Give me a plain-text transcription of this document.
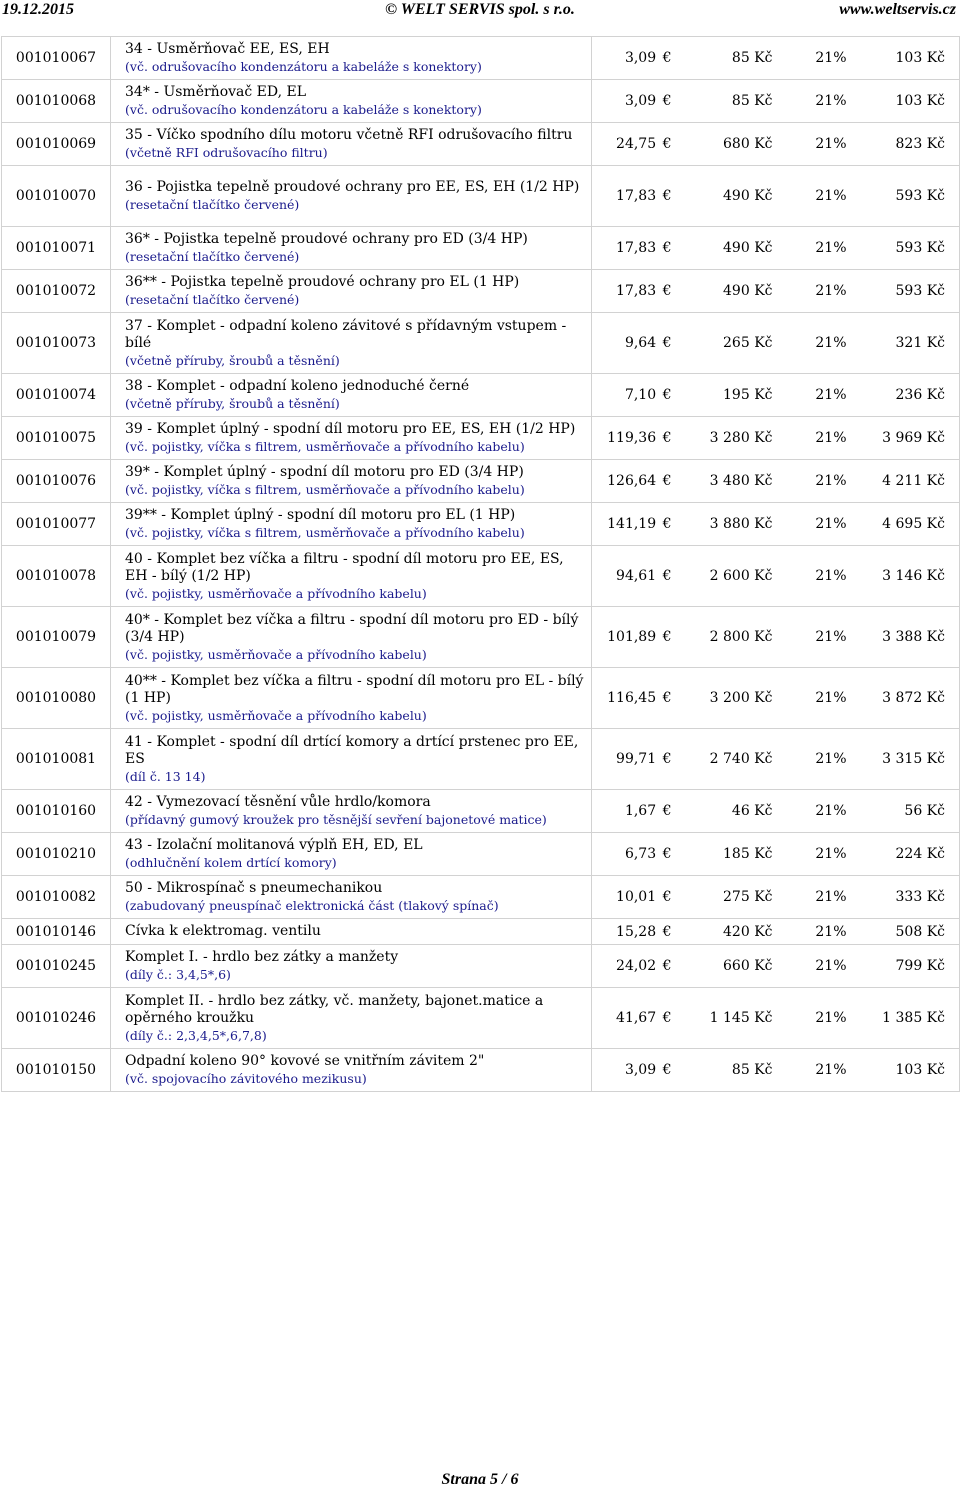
© WELT SERVIS spol. s r.o.
19.12.2015	www.weltservis.cz
001010067	34 - Usměrňovač EE, ES, EH
(vč. odrušovacího kondenzátoru a kabeláže s konektory)	3,09 €	85 Kč	21%	103 Kč
001010068	34* - Usměrňovač ED, EL
(vč. odrušovacího kondenzátoru a kabeláže s konektory)	3,09 €	85 Kč	21%	103 Kč
001010069	35 - Víčko spodního dílu motoru včetně RFI odrušovacího filtru
(včetně RFI odrušovacího filtru)	24,75 €	680 Kč	21%	823 Kč
001010070	36 - Pojistka tepelně proudové ochrany pro EE, ES, EH (1/2 HP)
(resetační tlačítko červené)	17,83 €	490 Kč	21%	593 Kč
001010071	36* - Pojistka tepelně proudové ochrany pro ED (3/4 HP)
(resetační tlačítko červené)	17,83 €	490 Kč	21%	593 Kč
001010072	36** - Pojistka tepelně proudové ochrany pro EL (1 HP)
(resetační tlačítko červené)	17,83 €	490 Kč	21%	593 Kč
001010073	37 - Komplet - odpadní koleno závitové s přídavným vstupem - bílé
(včetně příruby, šroubů a těsnění)	9,64 €	265 Kč	21%	321 Kč
001010074	38 - Komplet - odpadní koleno jednoduché černé
(včetně příruby, šroubů a těsnění)	7,10 €	195 Kč	21%	236 Kč
001010075	39 - Komplet úplný - spodní díl motoru pro EE, ES, EH (1/2 HP)
(vč. pojistky, víčka s filtrem, usměrňovače a přívodního kabelu)	119,36 €	3 280 Kč	21%	3 969 Kč
001010076	39* - Komplet úplný - spodní díl motoru pro ED (3/4 HP)
(vč. pojistky, víčka s filtrem, usměrňovače a přívodního kabelu)	126,64 €	3 480 Kč	21%	4 211 Kč
001010077	39** - Komplet úplný - spodní díl motoru pro EL (1 HP)
(vč. pojistky, víčka s filtrem, usměrňovače a přívodního kabelu)	141,19 €	3 880 Kč	21%	4 695 Kč
001010078	40 - Komplet bez víčka a filtru - spodní díl motoru pro EE, ES, EH - bílý (1/2 HP)
(vč. pojistky, usměrňovače a přívodního kabelu)	94,61 €	2 600 Kč	21%	3 146 Kč
001010079	40* - Komplet bez víčka a filtru - spodní díl motoru pro ED - bílý (3/4 HP)
(vč. pojistky, usměrňovače a přívodního kabelu)	101,89 €	2 800 Kč	21%	3 388 Kč
001010080	40** - Komplet bez víčka a filtru - spodní díl motoru pro EL - bílý (1 HP)
(vč. pojistky, usměrňovače a přívodního kabelu)	116,45 €	3 200 Kč	21%	3 872 Kč
001010081	41 - Komplet - spodní díl drtící komory a drtící prstenec pro EE, ES
(díl č. 13 14)	99,71 €	2 740 Kč	21%	3 315 Kč
001010160	42 - Vymezovací těsnění vůle hrdlo/komora
(přídavný gumový kroužek pro těsnější sevření bajonetové matice)	1,67 €	46 Kč	21%	56 Kč
001010210	43 - Izolační molitanová výplň EH, ED, EL
(odhlučnění kolem drtící komory)	6,73 €	185 Kč	21%	224 Kč
001010082	50 - Mikrospínač s pneumechanikou
(zabudovaný pneuspínač elektronická část (tlakový spínač)	10,01 €	275 Kč	21%	333 Kč
001010146	Cívka k elektromag. ventilu	15,28 €	420 Kč	21%	508 Kč
001010245	Komplet I. - hrdlo bez zátky a manžety
(díly č.: 3,4,5*,6)	24,02 €	660 Kč	21%	799 Kč
001010246	Komplet II. - hrdlo bez zátky, vč. manžety, bajonet.matice a opěrného kroužku
(díly č.: 2,3,4,5*,6,7,8)	41,67 €	1 145 Kč	21%	1 385 Kč
001010150	Odpadní koleno 90° kovové se vnitřním závitem 2"
(vč. spojovacího závitového mezikusu)	3,09 €	85 Kč	21%	103 Kč
Strana 5 / 6
